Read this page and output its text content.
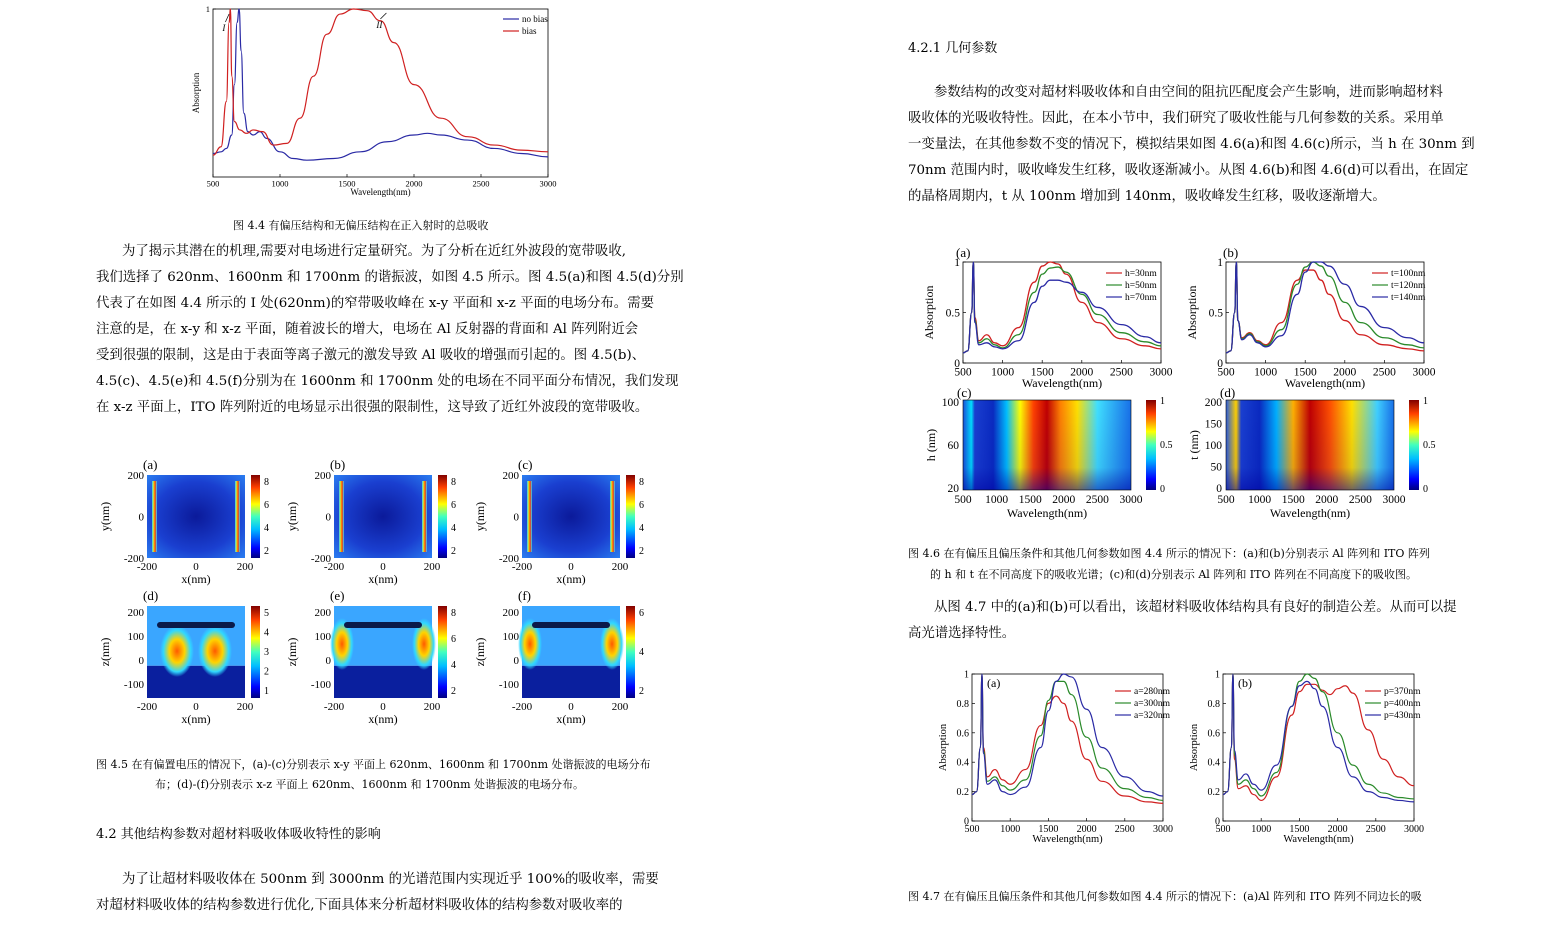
500	1000	1500	2000	2500	3000
1
Wavelength(nm)
Absorption
no bias
bias
I	II
图 4.4 有偏压结构和无偏压结构在正入射时的总吸收

为了揭示其潜在的机理,需要对电场进行定量研究。为了分析在近红外波段的宽带吸收,

我们选择了 620nm、1600nm 和 1700nm 的谐振波，如图 4.5 所示。图 4.5(a)和图 4.5(d)分别

代表了在如图 4.4 所示的 I 处(620nm)的窄带吸收峰在 x-y 平面和 x-z 平面的电场分布。需要

注意的是，在 x-y 和 x-z 平面，随着波长的增大，电场在 Al 反射器的背面和 Al 阵列附近会

受到很强的限制，这是由于表面等离子激元的激发导致 Al 吸收的增强而引起的。图 4.5(b)、

4.5(c)、4.5(e)和 4.5(f)分别为在 1600nm 和 1700nm 处的电场在不同平面分布情况，我们发现

在 x-z 平面上，ITO 阵列附近的电场显示出很强的限制性，这导致了近红外波段的宽带吸收。

(a)
200
0
-200
-200	0	200
x(nm)
y(nm)
8
6
4
2
(b)
200
0
-200
-200	0	200
x(nm)
y(nm)
8
6
4
2
(c)
200
0
-200
-200	0	200
x(nm)
y(nm)
8
6
4
2
(d)
200
100
0
-100
-200	0	200
x(nm)
z(nm)
5
4
3
2
1
(e)
200
100
0
-100
-200	0	200
x(nm)
z(nm)
8
6
4
2
(f)
200
100
0
-100
-200	0	200
x(nm)
z(nm)
6
4
2
图 4.5 在有偏置电压的情况下，(a)-(c)分别表示 x-y 平面上 620nm、1600nm 和 1700nm 处谐振波的电场分布
布；(d)-(f)分别表示 x-z 平面上 620nm、1600nm 和 1700nm 处谐振波的电场分布。
4.2 其他结构参数对超材料吸收体吸收特性的影响

为了让超材料吸收体在 500nm 到 3000nm 的光谱范围内实现近乎 100%的吸收率，需要

对超材料吸收体的结构参数进行优化,下面具体来分析超材料吸收体的结构参数对吸收率的

4.2.1 几何参数

参数结构的改变对超材料吸收体和自由空间的阻抗匹配度会产生影响，进而影响超材料

吸收体的光吸收特性。因此，在本小节中，我们研究了吸收性能与几何参数的关系。采用单

一变量法，在其他参数不变的情况下，模拟结果如图 4.6(a)和图 4.6(c)所示，当 h 在 30nm 到

70nm 范围内时，吸收峰发生红移，吸收逐渐减小。从图 4.6(b)和图 4.6(d)可以看出，在固定

的晶格周期内，t 从 100nm 增加到 140nm，吸收峰发生红移，吸收逐渐增大。

(a)
500 1000 1500 2000 2500 3000
0
0.5
1
Wavelength(nm)
Absorption
h=30nm
h=50nm
h=70nm
(b)
500 1000 1500 2000 2500 3000
0
0.5
1
Wavelength(nm)
Absorption
t=100nm
t=120nm
t=140nm
(c)
500 1000 1500 2000 2500 3000
100
60
20
Wavelength(nm)
h (nm)
1
0.5
0
(d)
500 1000 1500 2000 2500 3000
200
150
100
50
0
Wavelength(nm)
t (nm)
1
0.5
0
图 4.6 在有偏压且偏压条件和其他几何参数如图 4.4 所示的情况下：(a)和(b)分别表示 Al 阵列和 ITO 阵列
的 h 和 t 在不同高度下的吸收光谱；(c)和(d)分别表示 Al 阵列和 ITO 阵列在不同高度下的吸收图。

从图 4.7 中的(a)和(b)可以看出，该超材料吸收体结构具有良好的制造公差。从而可以提

高光谱选择特性。

500 1000 1500 2000 2500 3000
0
0.2
0.4
0.6
0.8
1
Wavelength(nm)
Absorption
a=280nm
a=300nm
a=320nm
(a)
500 1000 1500 2000 2500 3000
0
0.2
0.4
0.6
0.8
1
Wavelength(nm)
Absorption
p=370nm
p=400nm
p=430nm
(b)
图 4.7 在有偏压且偏压条件和其他几何参数如图 4.4 所示的情况下：(a)Al 阵列和 ITO 阵列不同边长的吸
